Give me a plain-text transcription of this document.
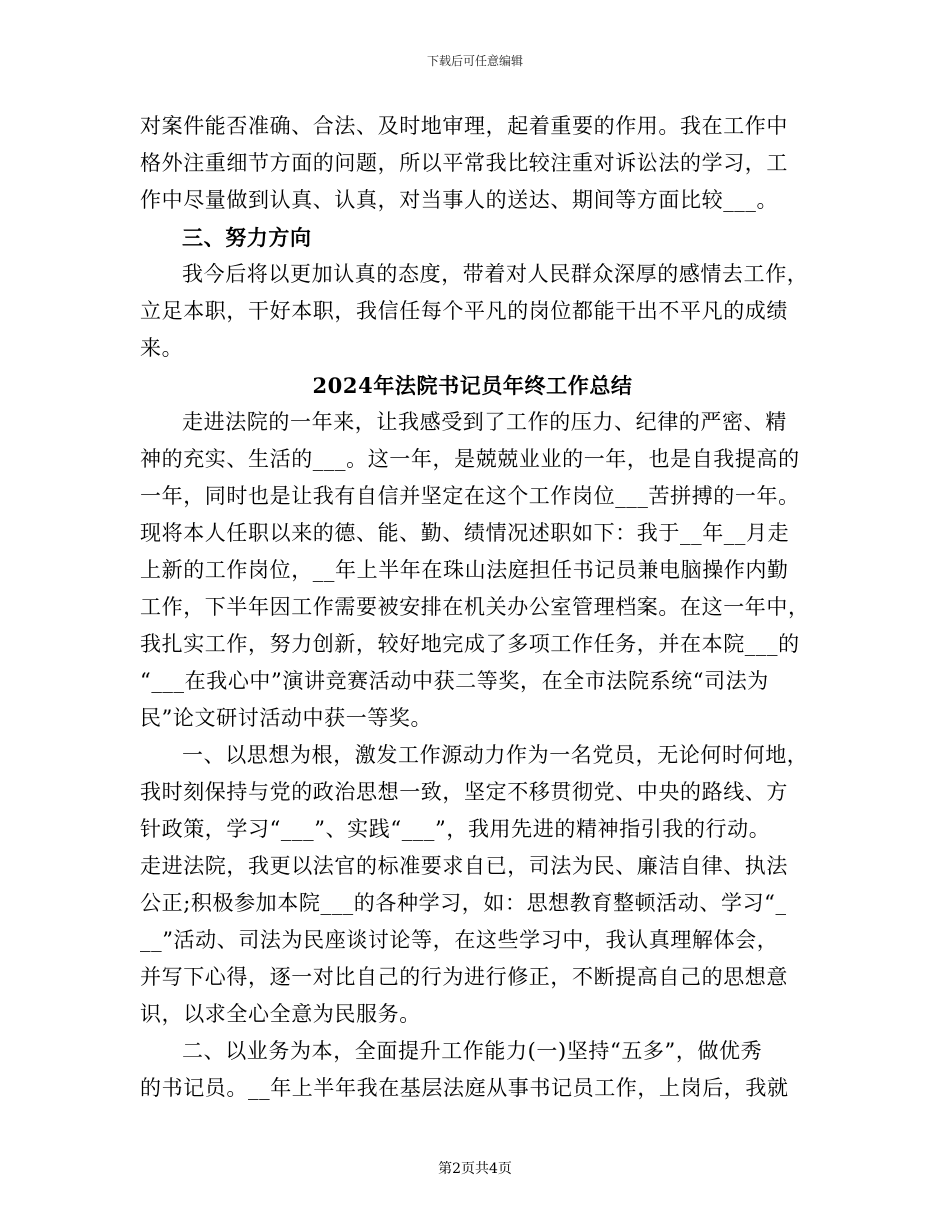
下载后可任意编辑
对案件能否准确、合法、及时地审理，起着重要的作用。我在工作中
格外注重细节方面的问题，所以平常我比较注重对诉讼法的学习，工
作中尽量做到认真、认真，对当事人的送达、期间等方面比较___。
三、努力方向
我今后将以更加认真的态度，带着对人民群众深厚的感情去工作，
立足本职，干好本职，我信任每个平凡的岗位都能干出不平凡的成绩
来。
2024年法院书记员年终工作总结
走进法院的一年来，让我感受到了工作的压力、纪律的严密、精
神的充实、生活的___。这一年，是兢兢业业的一年，也是自我提高的
一年，同时也是让我有自信并坚定在这个工作岗位___苦拼搏的一年。
现将本人任职以来的德、能、勤、绩情况述职如下：我于__年__月走
上新的工作岗位，__年上半年在珠山法庭担任书记员兼电脑操作内勤
工作，下半年因工作需要被安排在机关办公室管理档案。在这一年中，
我扎实工作，努力创新，较好地完成了多项工作任务，并在本院___的
“___在我心中”演讲竞赛活动中获二等奖，在全市法院系统“司法为
民”论文研讨活动中获一等奖。
一、以思想为根，激发工作源动力作为一名党员，无论何时何地，
我时刻保持与党的政治思想一致，坚定不移贯彻党、中央的路线、方
针政策，学习“___”、实践“___”，我用先进的精神指引我的行动。
走进法院，我更以法官的标准要求自已，司法为民、廉洁自律、执法
公正;积极参加本院___的各种学习，如：思想教育整顿活动、学习“_
__”活动、司法为民座谈讨论等，在这些学习中，我认真理解体会，
并写下心得，逐一对比自己的行为进行修正，不断提高自己的思想意
识，以求全心全意为民服务。
二、以业务为本，全面提升工作能力(一)坚持“五多”，做优秀
的书记员。__年上半年我在基层法庭从事书记员工作，上岗后，我就
第2页共4页
